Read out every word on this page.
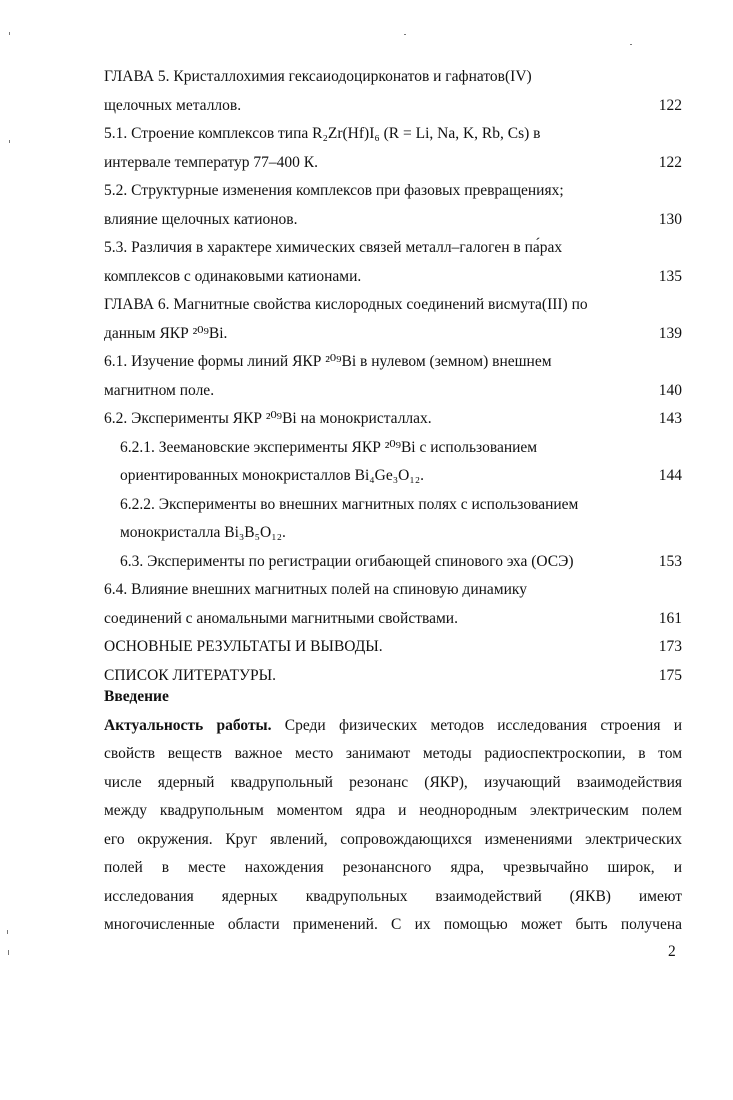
ГЛАВА 5. Кристаллохимия гексаиодоцирконатов и гафнатов(IV)
щелочных металлов.	122
5.1. Строение комплексов типа R₂Zr(Hf)I₆ (R = Li, Na, K, Rb, Cs) в
интервале температур 77–400 К.	122
5.2. Структурные изменения комплексов при фазовых превращениях;
влияние щелочных катионов.	130
5.3. Различия в характере химических связей металл–галоген в па́рах
комплексов с одинаковыми катионами.	135
ГЛАВА 6. Магнитные свойства кислородных соединений висмута(III) по
данным ЯКР ²⁰⁹Bi.	139
6.1. Изучение формы линий ЯКР ²⁰⁹Bi в нулевом (земном) внешнем
магнитном поле.	140
6.2. Эксперименты ЯКР ²⁰⁹Bi на монокристаллах.	143
6.2.1. Зеемановские эксперименты ЯКР ²⁰⁹Bi с использованием
ориентированных монокристаллов Bi₄Ge₃O₁₂.	144
6.2.2. Эксперименты во внешних магнитных полях с использованием
монокристалла Bi₃B₅O₁₂.
6.3. Эксперименты по регистрации огибающей спинового эха (ОСЭ)	153
6.4. Влияние внешних магнитных полей на спиновую динамику
соединений с аномальными магнитными свойствами.	161
ОСНОВНЫЕ РЕЗУЛЬТАТЫ И ВЫВОДЫ.	173
СПИСОК ЛИТЕРАТУРЫ.	175
Введение
Актуальность работы. Среди физических методов исследования строения и
свойств веществ важное место занимают методы радиоспектроскопии, в том
числе ядерный квадрупольный резонанс (ЯКР), изучающий взаимодействия
между квадрупольным моментом ядра и неоднородным электрическим полем
его окружения. Круг явлений, сопровождающихся изменениями электрических
полей в месте нахождения резонансного ядра, чрезвычайно широк, и
исследования ядерных квадрупольных взаимодействий (ЯКВ) имеют
многочисленные области применений. С их помощью может быть получена
2
